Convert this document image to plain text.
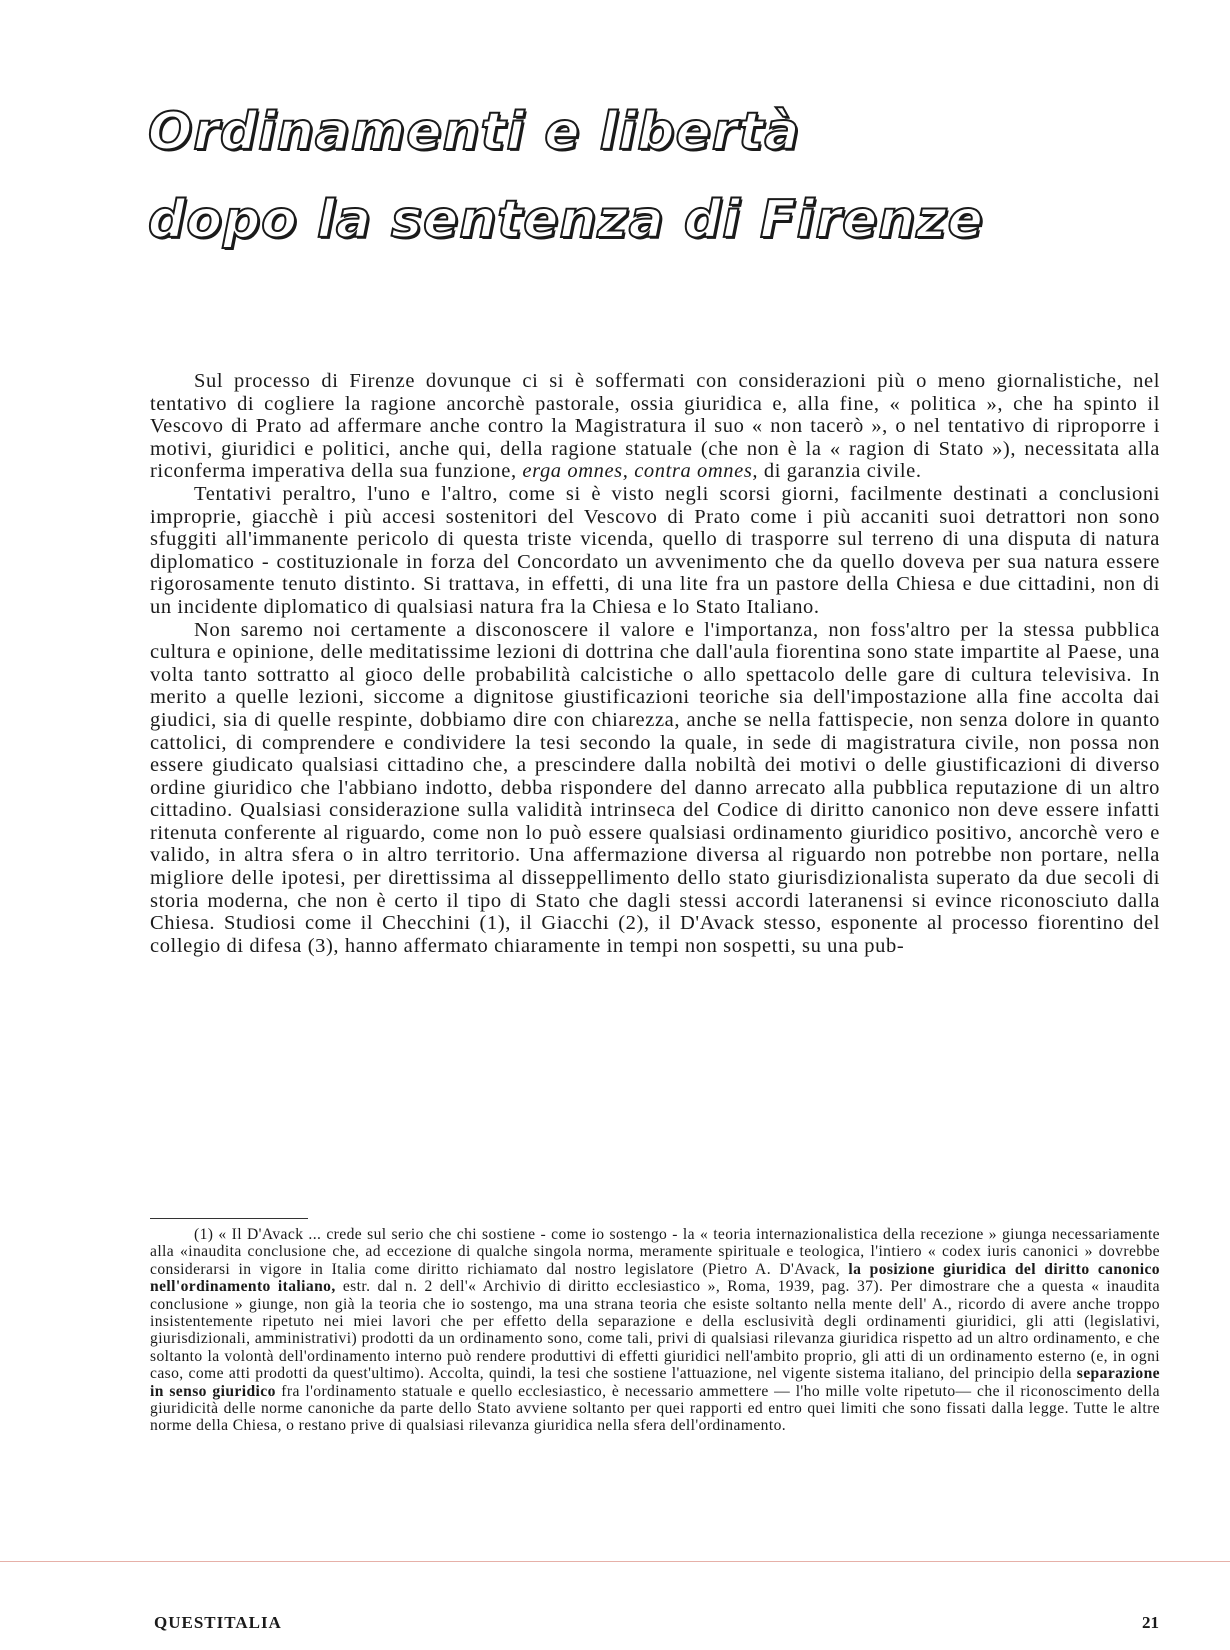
Ordinamenti e libertà
dopo la sentenza di Firenze

Sul processo di Firenze dovunque ci si è soffermati con considerazioni più o meno giornalistiche, nel tentativo di cogliere la ragione ancorchè pastorale, ossia giuridica e, alla fine, « politica », che ha spinto il Vescovo di Prato ad affermare anche contro la Magistratura il suo « non tacerò », o nel tentativo di riproporre i motivi, giuridici e politici, anche qui, della ragione statuale (che non è la « ragion di Stato »), necessitata alla riconferma imperativa della sua funzione, erga omnes, contra omnes, di garanzia civile.

Tentativi peraltro, l'uno e l'altro, come si è visto negli scorsi giorni, facilmente destinati a conclusioni improprie, giacchè i più accesi sostenitori del Vescovo di Prato come i più accaniti suoi detrattori non sono sfuggiti all'immanente pericolo di questa triste vicenda, quello di trasporre sul terreno di una disputa di natura diplomatico - costituzionale in forza del Concordato un avvenimento che da quello doveva per sua natura essere rigorosamente tenuto distinto. Si trattava, in effetti, di una lite fra un pastore della Chiesa e due cittadini, non di un incidente diplomatico di qualsiasi natura fra la Chiesa e lo Stato Italiano.

Non saremo noi certamente a disconoscere il valore e l'importanza, non foss'altro per la stessa pubblica cultura e opinione, delle meditatissime lezioni di dottrina che dall'aula fiorentina sono state impartite al Paese, una volta tanto sottratto al gioco delle probabilità calcistiche o allo spettacolo delle gare di cultura televisiva. In merito a quelle lezioni, siccome a dignitose giustificazioni teoriche sia dell'impostazione alla fine accolta dai giudici, sia di quelle respinte, dobbiamo dire con chiarezza, anche se nella fattispecie, non senza dolore in quanto cattolici, di comprendere e condividere la tesi secondo la quale, in sede di magistratura civile, non possa non essere giudicato qualsiasi cittadino che, a prescindere dalla nobiltà dei motivi o delle giustificazioni di diverso ordine giuridico che l'abbiano indotto, debba rispondere del danno arrecato alla pubblica reputazione di un altro cittadino. Qualsiasi considerazione sulla validità intrinseca del Codice di diritto canonico non deve essere infatti ritenuta conferente al riguardo, come non lo può essere qualsiasi ordinamento giuridico positivo, ancorchè vero e valido, in altra sfera o in altro territorio. Una affermazione diversa al riguardo non potrebbe non portare, nella migliore delle ipotesi, per direttissima al disseppellimento dello stato giurisdizionalista superato da due secoli di storia moderna, che non è certo il tipo di Stato che dagli stessi accordi lateranensi si evince riconosciuto dalla Chiesa. Studiosi come il Checchini (1), il Giacchi (2), il D'Avack stesso, esponente al processo fiorentino del collegio di difesa (3), hanno affermato chiaramente in tempi non sospetti, su una pub-

(1) « Il D'Avack ... crede sul serio che chi sostiene - come io sostengo - la « teoria internazionalistica della recezione » giunga necessariamente alla «inaudita conclusione che, ad eccezione di qualche singola norma, meramente spirituale e teologica, l'intiero « codex iuris canonici » dovrebbe considerarsi in vigore in Italia come diritto richiamato dal nostro legislatore (Pietro A. D'Avack, la posizione giuridica del diritto canonico nell'ordinamento italiano, estr. dal n. 2 dell'« Archivio di diritto ecclesiastico », Roma, 1939, pag. 37). Per dimostrare che a questa « inaudita conclusione » giunge, non già la teoria che io sostengo, ma una strana teoria che esiste soltanto nella mente dell' A., ricordo di avere anche troppo insistentemente ripetuto nei miei lavori che per effetto della separazione e della esclusività degli ordinamenti giuridici, gli atti (legislativi, giurisdizionali, amministrativi) prodotti da un ordinamento sono, come tali, privi di qualsiasi rilevanza giuridica rispetto ad un altro ordinamento, e che soltanto la volontà dell'ordinamento interno può rendere produttivi di effetti giuridici nell'ambito proprio, gli atti di un ordinamento esterno (e, in ogni caso, come atti prodotti da quest'ultimo). Accolta, quindi, la tesi che sostiene l'attuazione, nel vigente sistema italiano, del principio della separazione in senso giuridico fra l'ordinamento statuale e quello ecclesiastico, è necessario ammettere — l'ho mille volte ripetuto— che il riconoscimento della giuridicità delle norme canoniche da parte dello Stato avviene soltanto per quei rapporti ed entro quei limiti che sono fissati dalla legge. Tutte le altre norme della Chiesa, o restano prive di qualsiasi rilevanza giuridica nella sfera dell'ordinamento.

QUESTITALIA	21
